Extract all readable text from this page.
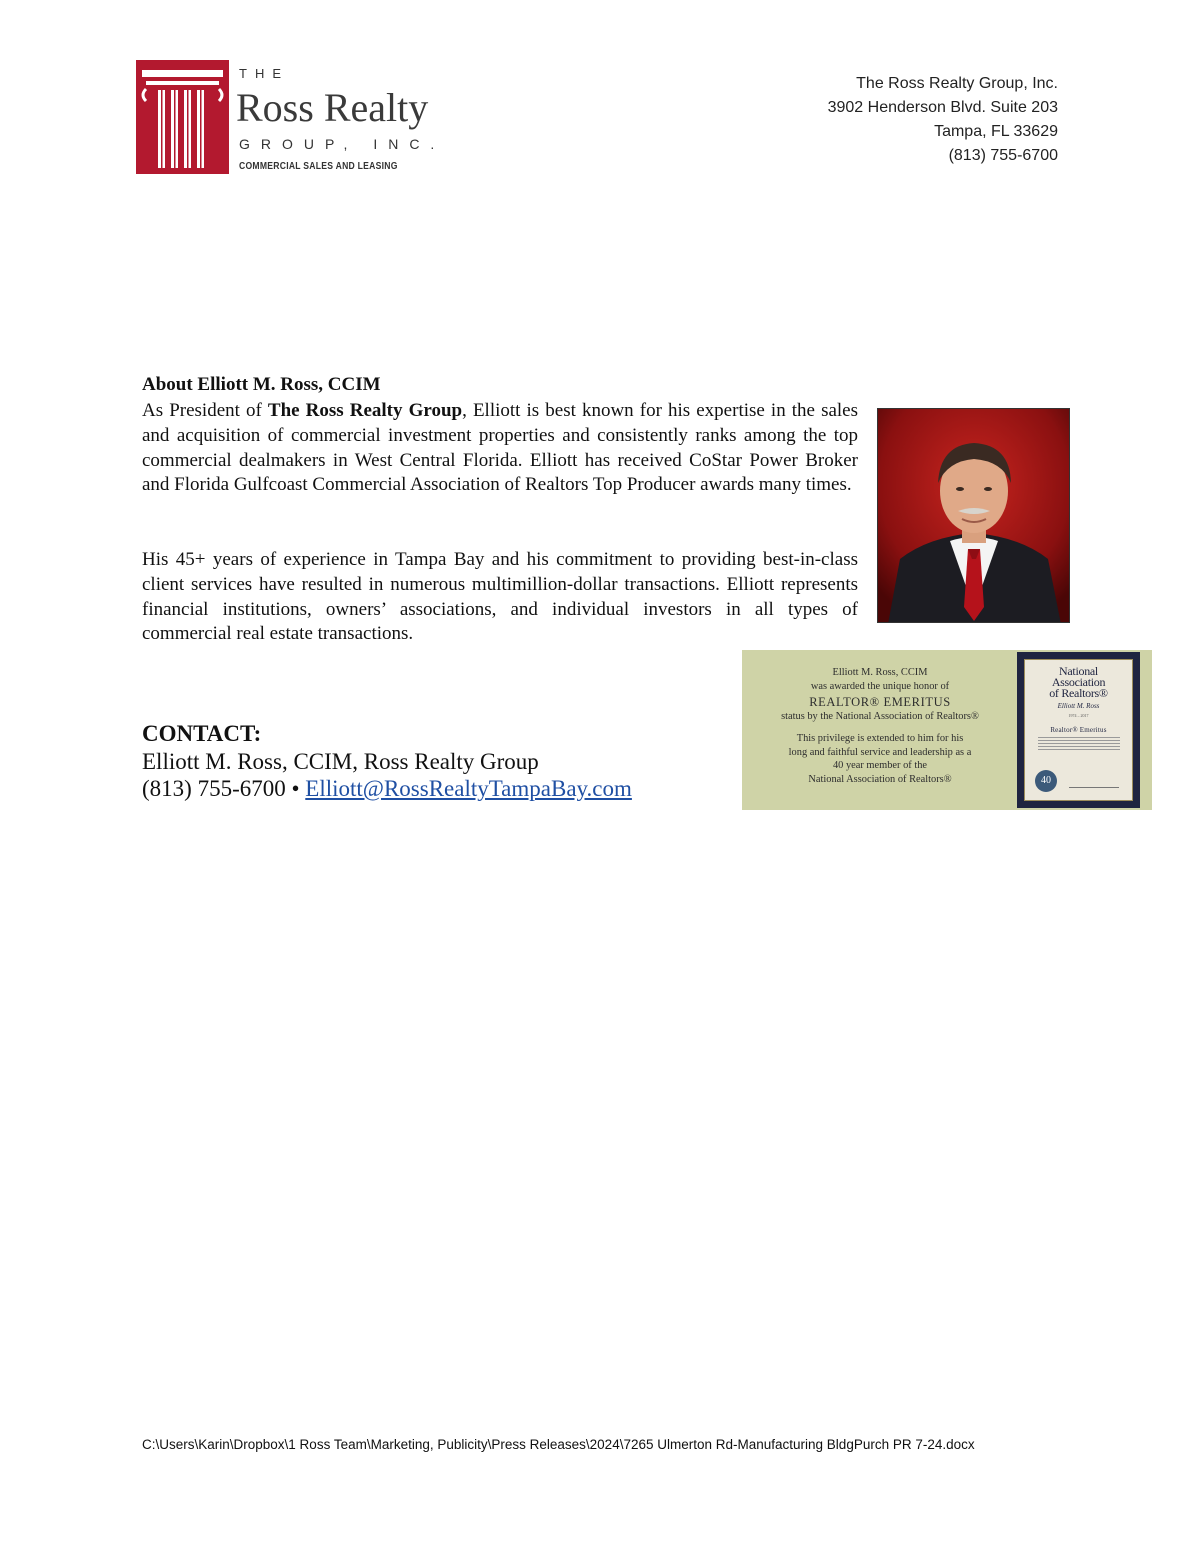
THE
Ross Realty
GROUP, INC.
COMMERCIAL SALES AND LEASING
The Ross Realty Group, Inc.
3902 Henderson Blvd. Suite 203
Tampa, FL 33629
(813) 755-6700
About Elliott M. Ross, CCIM
As President of The Ross Realty Group, Elliott is best known for his expertise in the sales and acquisition of commercial investment properties and consistently ranks among the top commercial dealmakers in West Central Florida. Elliott has received CoStar Power Broker and Florida Gulfcoast Commercial Association of Realtors Top Producer awards many times.
His 45+ years of experience in Tampa Bay and his commitment to providing best-in-class client services have resulted in numerous multimillion-dollar transactions. Elliott represents financial institutions, owners’ associations, and individual investors in all types of commercial real estate transactions.
Elliott M. Ross, CCIM
was awarded the unique honor of
REALTOR® EMERITUS
status by the National Association of Realtors®
This privilege is extended to him for his
long and faithful service and leadership as a
40 year member of the
National Association of Realtors®
National
Association
of Realtors®
Elliott M. Ross
1974 – 2017
Realtor® Emeritus
40
CONTACT:
Elliott M. Ross, CCIM, Ross Realty Group
(813) 755-6700 • Elliott@RossRealtyTampaBay.com
C:\Users\Karin\Dropbox\1 Ross Team\Marketing, Publicity\Press Releases\2024\7265 Ulmerton Rd-Manufacturing BldgPurch PR 7-24.docx
